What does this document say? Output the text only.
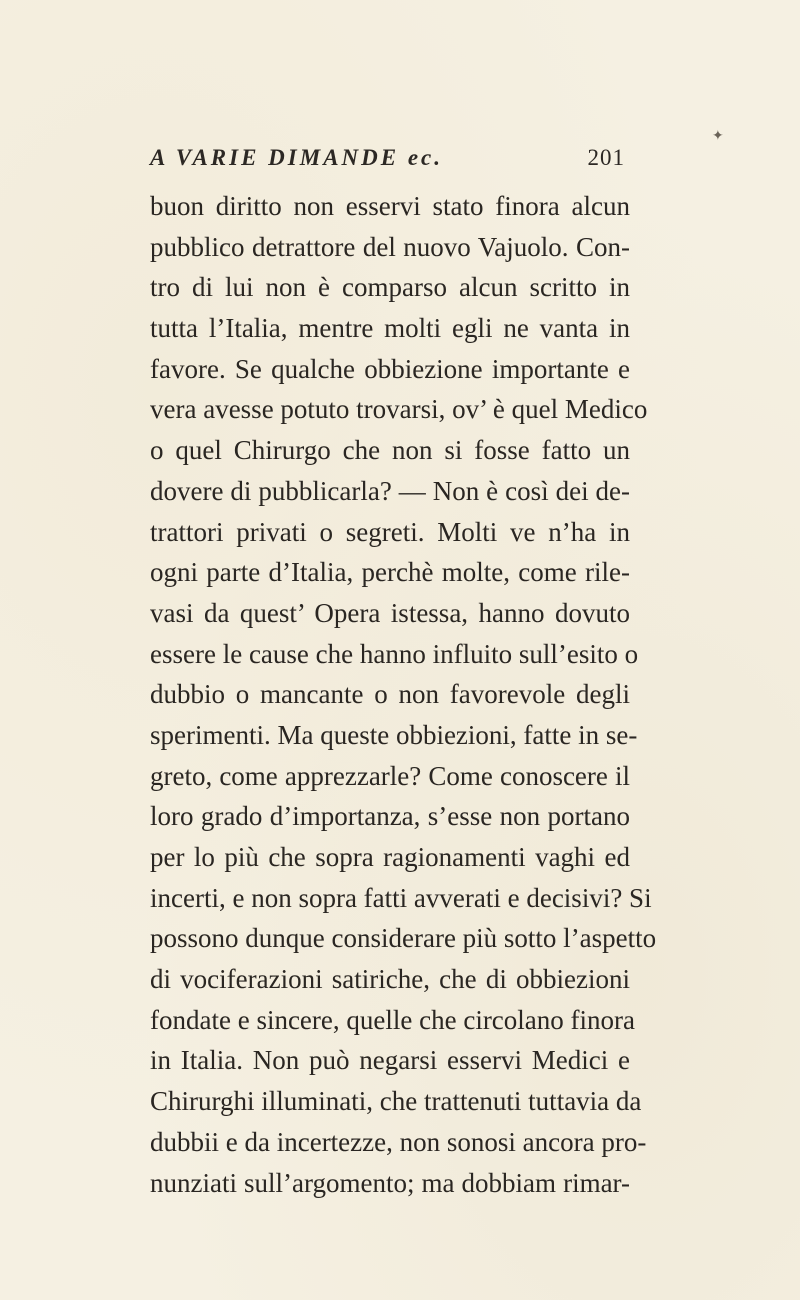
✦
A VARIE DIMANDE ec.	201
buon diritto non esservi stato finora alcun
pubblico detrattore del nuovo Vajuolo. Con-
tro di lui non è comparso alcun scritto in
tutta l’Italia, mentre molti egli ne vanta in
favore. Se qualche obbiezione importante e
vera avesse potuto trovarsi, ov’ è quel Medico
o quel Chirurgo che non si fosse fatto un
dovere di pubblicarla? — Non è così dei de-
trattori privati o segreti. Molti ve n’ha in
ogni parte d’Italia, perchè molte, come rile-
vasi da quest’ Opera istessa, hanno dovuto
essere le cause che hanno influito sull’esito o
dubbio o mancante o non favorevole degli
sperimenti. Ma queste obbiezioni, fatte in se-
greto, come apprezzarle? Come conoscere il
loro grado d’importanza, s’esse non portano
per lo più che sopra ragionamenti vaghi ed
incerti, e non sopra fatti avverati e decisivi? Si
possono dunque considerare più sotto l’aspetto
di vociferazioni satiriche, che di obbiezioni
fondate e sincere, quelle che circolano finora
in Italia. Non può negarsi esservi Medici e
Chirurghi illuminati, che trattenuti tuttavia da
dubbii e da incertezze, non sonosi ancora pro-
nunziati sull’argomento; ma dobbiam rimar-
